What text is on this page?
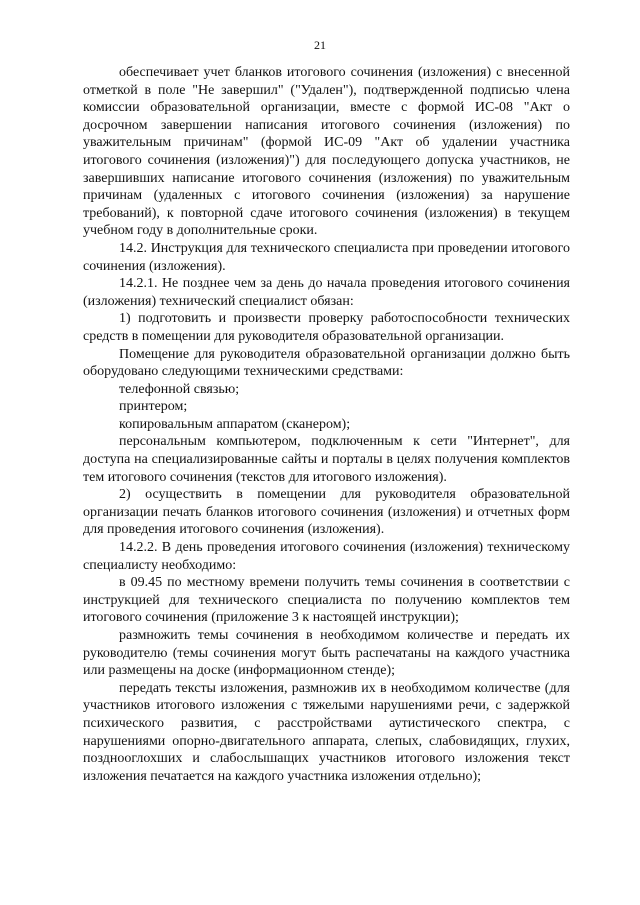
21

обеспечивает учет бланков итогового сочинения (изложения) с внесенной отметкой в поле "Не завершил" ("Удален"), подтвержденной подписью члена комиссии образовательной организации, вместе с формой ИС-08 "Акт о досрочном завершении написания итогового сочинения (изложения) по уважительным причинам" (формой ИС-09 "Акт об удалении участника итогового сочинения (изложения)") для последующего допуска участников, не завершивших написание итогового сочинения (изложения) по уважительным причинам (удаленных с итогового сочинения (изложения) за нарушение требований), к повторной сдаче итогового сочинения (изложения) в текущем учебном году в дополнительные сроки.

14.2. Инструкция для технического специалиста при проведении итогового сочинения (изложения).

14.2.1. Не позднее чем за день до начала проведения итогового сочинения (изложения) технический специалист обязан:

1) подготовить и произвести проверку работоспособности технических средств в помещении для руководителя образовательной организации.

Помещение для руководителя образовательной организации должно быть оборудовано следующими техническими средствами:

телефонной связью;

принтером;

копировальным аппаратом (сканером);

персональным компьютером, подключенным к сети "Интернет", для доступа на специализированные сайты и порталы в целях получения комплектов тем итогового сочинения (текстов для итогового изложения).

2) осуществить в помещении для руководителя образовательной организации печать бланков итогового сочинения (изложения) и отчетных форм для проведения итогового сочинения (изложения).

14.2.2. В день проведения итогового сочинения (изложения) техническому специалисту необходимо:

в 09.45 по местному времени получить темы сочинения в соответствии с инструкцией для технического специалиста по получению комплектов тем итогового сочинения (приложение 3 к настоящей инструкции);

размножить темы сочинения в необходимом количестве и передать их руководителю (темы сочинения могут быть распечатаны на каждого участника или размещены на доске (информационном стенде);

передать тексты изложения, размножив их в необходимом количестве (для участников итогового изложения с тяжелыми нарушениями речи, с задержкой психического развития, с расстройствами аутистического спектра, с нарушениями опорно-двигательного аппарата, слепых, слабовидящих, глухих, позднооглохших и слабослышащих участников итогового изложения текст изложения печатается на каждого участника изложения отдельно);
